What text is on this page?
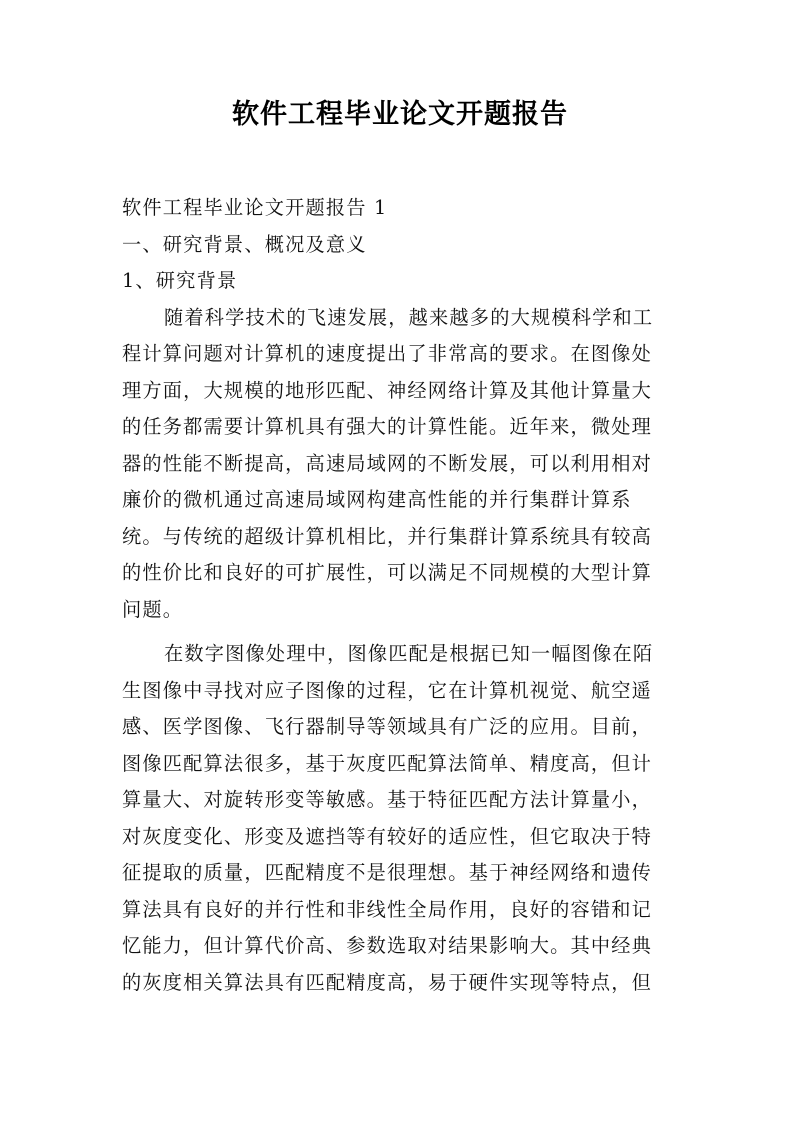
软件工程毕业论文开题报告
软件工程毕业论文开题报告 1
一、研究背景、概况及意义
1、研究背景
随着科学技术的飞速发展，越来越多的大规模科学和工
程计算问题对计算机的速度提出了非常高的要求。在图像处
理方面，大规模的地形匹配、神经网络计算及其他计算量大
的任务都需要计算机具有强大的计算性能。近年来，微处理
器的性能不断提高，高速局域网的不断发展，可以利用相对
廉价的微机通过高速局域网构建高性能的并行集群计算系
统。与传统的超级计算机相比，并行集群计算系统具有较高
的性价比和良好的可扩展性，可以满足不同规模的大型计算
问题。
在数字图像处理中，图像匹配是根据已知一幅图像在陌
生图像中寻找对应子图像的过程，它在计算机视觉、航空遥
感、医学图像、飞行器制导等领域具有广泛的应用。目前，
图像匹配算法很多，基于灰度匹配算法简单、精度高，但计
算量大、对旋转形变等敏感。基于特征匹配方法计算量小，
对灰度变化、形变及遮挡等有较好的适应性，但它取决于特
征提取的质量，匹配精度不是很理想。基于神经网络和遗传
算法具有良好的并行性和非线性全局作用，良好的容错和记
忆能力，但计算代价高、参数选取对结果影响大。其中经典
的灰度相关算法具有匹配精度高，易于硬件实现等特点，但
